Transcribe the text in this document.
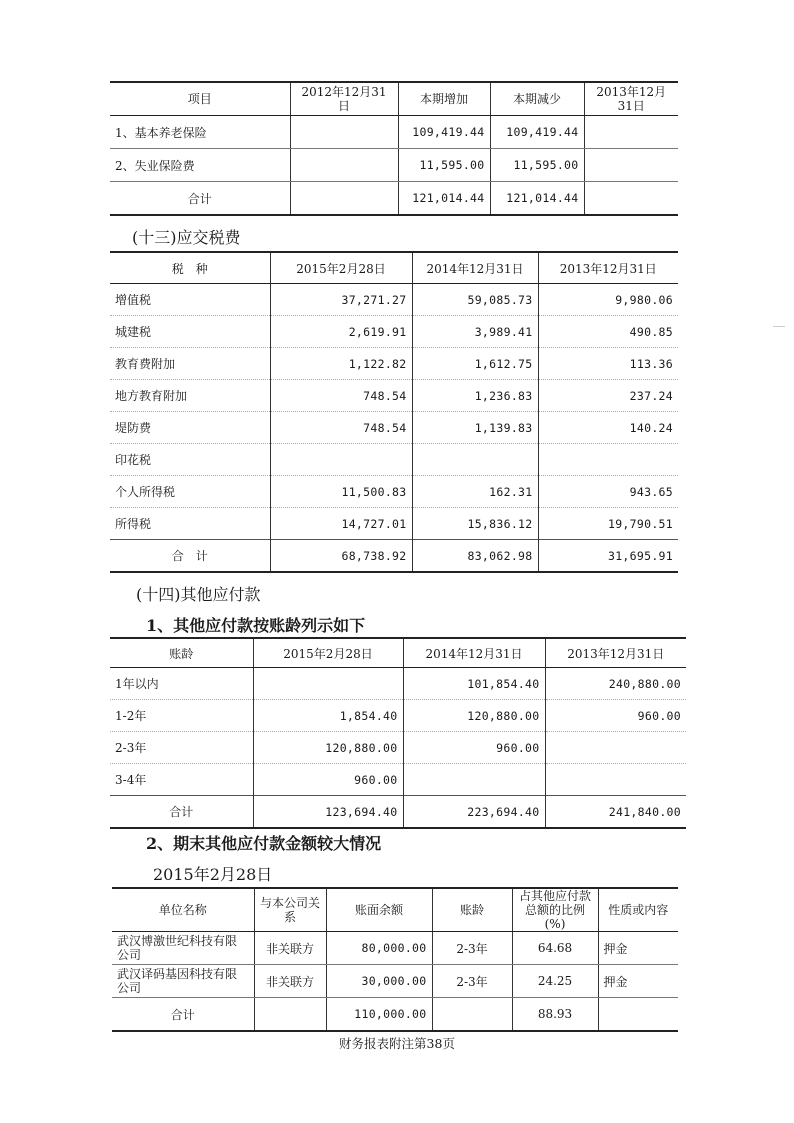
项目	2012年12月31日	本期增加	本期减少	2013年12月31日
1、基本养老保险		109,419.44	109,419.44	
2、失业保险费		11,595.00	11,595.00	
合计		121,014.44	121,014.44	
(十三)应交税费
税　种	2015年2月28日	2014年12月31日	2013年12月31日
增值税	37,271.27	59,085.73	9,980.06
城建税	2,619.91	3,989.41	490.85
教育费附加	1,122.82	1,612.75	113.36
地方教育附加	748.54	1,236.83	237.24
堤防费	748.54	1,139.83	140.24
印花税			
个人所得税	11,500.83	162.31	943.65
所得税	14,727.01	15,836.12	19,790.51
合　计	68,738.92	83,062.98	31,695.91
(十四)其他应付款
1、其他应付款按账龄列示如下
账龄	2015年2月28日	2014年12月31日	2013年12月31日
1年以内		101,854.40	240,880.00
1-2年	1,854.40	120,880.00	960.00
2-3年	120,880.00	960.00	
3-4年	960.00		
合计	123,694.40	223,694.40	241,840.00
2、期末其他应付款金额较大情况
2015年2月28日
单位名称	与本公司关系	账面余额	账龄	占其他应付款总额的比例(%)	性质或内容
武汉博激世纪科技有限公司	非关联方	80,000.00	2-3年	64.68	押金
武汉译码基因科技有限公司	非关联方	30,000.00	2-3年	24.25	押金
合计		110,000.00		88.93	
财务报表附注第38页
